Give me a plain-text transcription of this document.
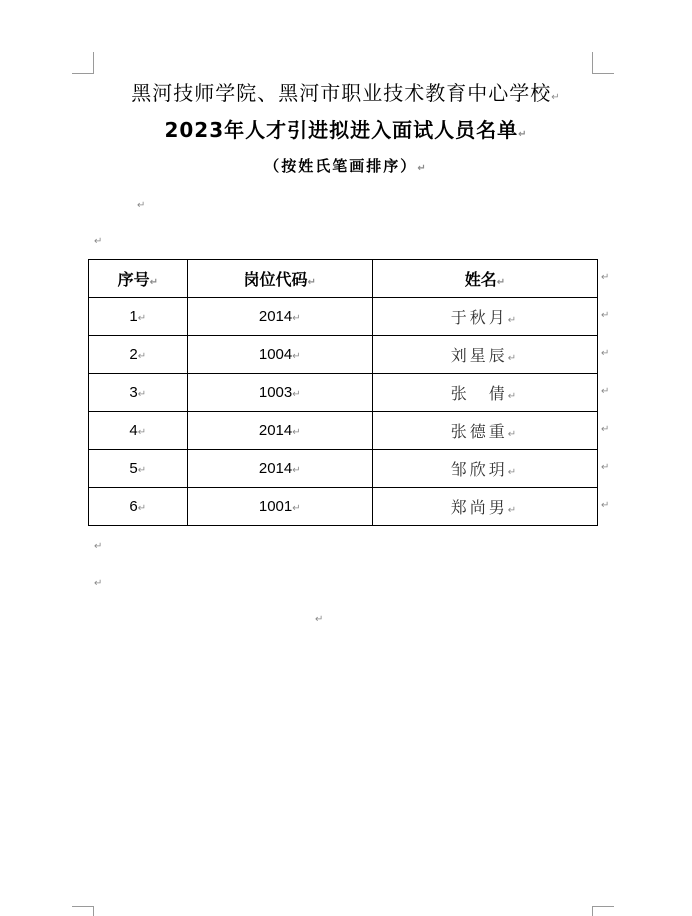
黑河技师学院、黑河市职业技术教育中心学校↵
2023年人才引进拟进入面试人员名单↵
（按姓氏笔画排序）↵
↵
↵
序号↵	岗位代码↵	姓名↵
1↵	2014↵	于秋月↵
2↵	1004↵	刘星辰↵
3↵	1003↵	张　倩↵
4↵	2014↵	张德重↵
5↵	2014↵	邹欣玥↵
6↵	1001↵	郑尚男↵
↵
↵
↵
↵
↵
↵
↵
↵
↵
↵
